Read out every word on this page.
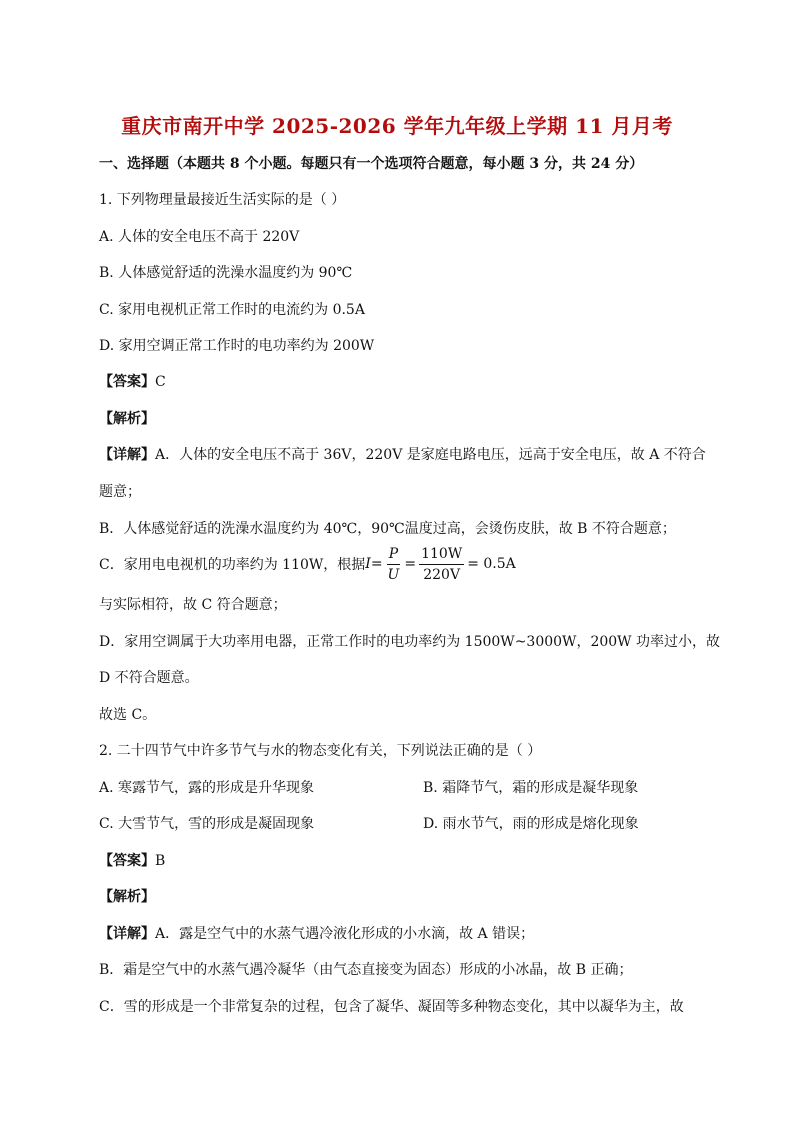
重庆市南开中学 2025-2026 学年九年级上学期 11 月月考
一、选择题（本题共 8 个小题。每题只有一个选项符合题意，每小题 3 分，共 24 分）
1. 下列物理量最接近生活实际的是（ ）
A. 人体的安全电压不高于 220V
B. 人体感觉舒适的洗澡水温度约为 90℃
C. 家用电视机正常工作时的电流约为 0.5A
D. 家用空调正常工作时的电功率约为 200W
【答案】C
【解析】
【详解】A．人体的安全电压不高于 36V，220V 是家庭电路电压，远高于安全电压，故 A 不符合
题意；
B．人体感觉舒适的洗澡水温度约为 40℃，90℃温度过高，会烫伤皮肤，故 B 不符合题意；
C．家用电电视机的功率约为 110W，根据 $I = \frac{P}{U} = \frac{110W}{220V} = 0.5A$
与实际相符，故 C 符合题意；
D．家用空调属于大功率用电器，正常工作时的电功率约为 1500W~3000W，200W 功率过小，故
D 不符合题意。
故选 C。
2. 二十四节气中许多节气与水的物态变化有关，下列说法正确的是（ ）
A. 寒露节气，露的形成是升华现象	B. 霜降节气，霜的形成是凝华现象
C. 大雪节气，雪的形成是凝固现象	D. 雨水节气，雨的形成是熔化现象
【答案】B
【解析】
【详解】A．露是空气中的水蒸气遇冷液化形成的小水滴，故 A 错误；
B．霜是空气中的水蒸气遇冷凝华（由气态直接变为固态）形成的小冰晶，故 B 正确；
C．雪的形成是一个非常复杂的过程，包含了凝华、凝固等多种物态变化，其中以凝华为主，故
